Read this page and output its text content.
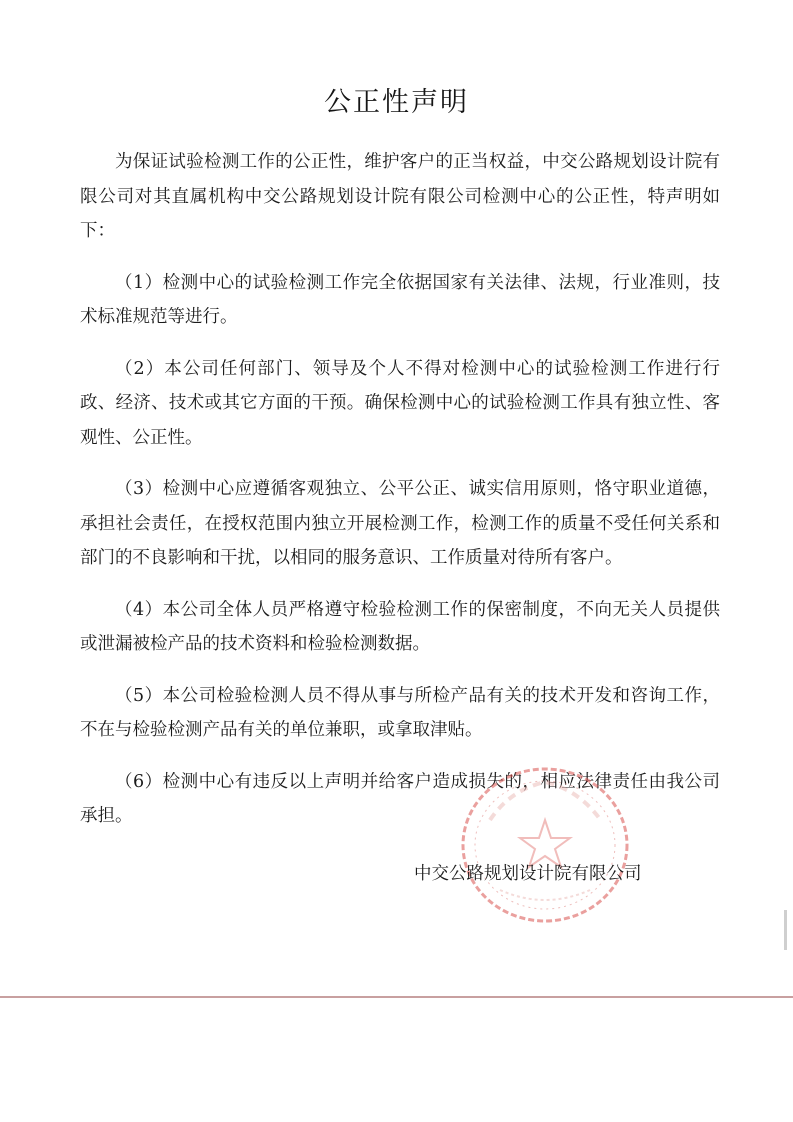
公正性声明

为保证试验检测工作的公正性，维护客户的正当权益，中交公路规划设计院有限公司对其直属机构中交公路规划设计院有限公司检测中心的公正性，特声明如下：

（1）检测中心的试验检测工作完全依据国家有关法律、法规，行业准则，技术标准规范等进行。

（2）本公司任何部门、领导及个人不得对检测中心的试验检测工作进行行政、经济、技术或其它方面的干预。确保检测中心的试验检测工作具有独立性、客观性、公正性。

（3）检测中心应遵循客观独立、公平公正、诚实信用原则，恪守职业道德，承担社会责任，在授权范围内独立开展检测工作，检测工作的质量不受任何关系和部门的不良影响和干扰，以相同的服务意识、工作质量对待所有客户。

（4）本公司全体人员严格遵守检验检测工作的保密制度，不向无关人员提供或泄漏被检产品的技术资料和检验检测数据。

（5）本公司检验检测人员不得从事与所检产品有关的技术开发和咨询工作，不在与检验检测产品有关的单位兼职，或拿取津贴。

（6）检测中心有违反以上声明并给客户造成损失的，相应法律责任由我公司承担。

中交公路规划设计院有限公司
